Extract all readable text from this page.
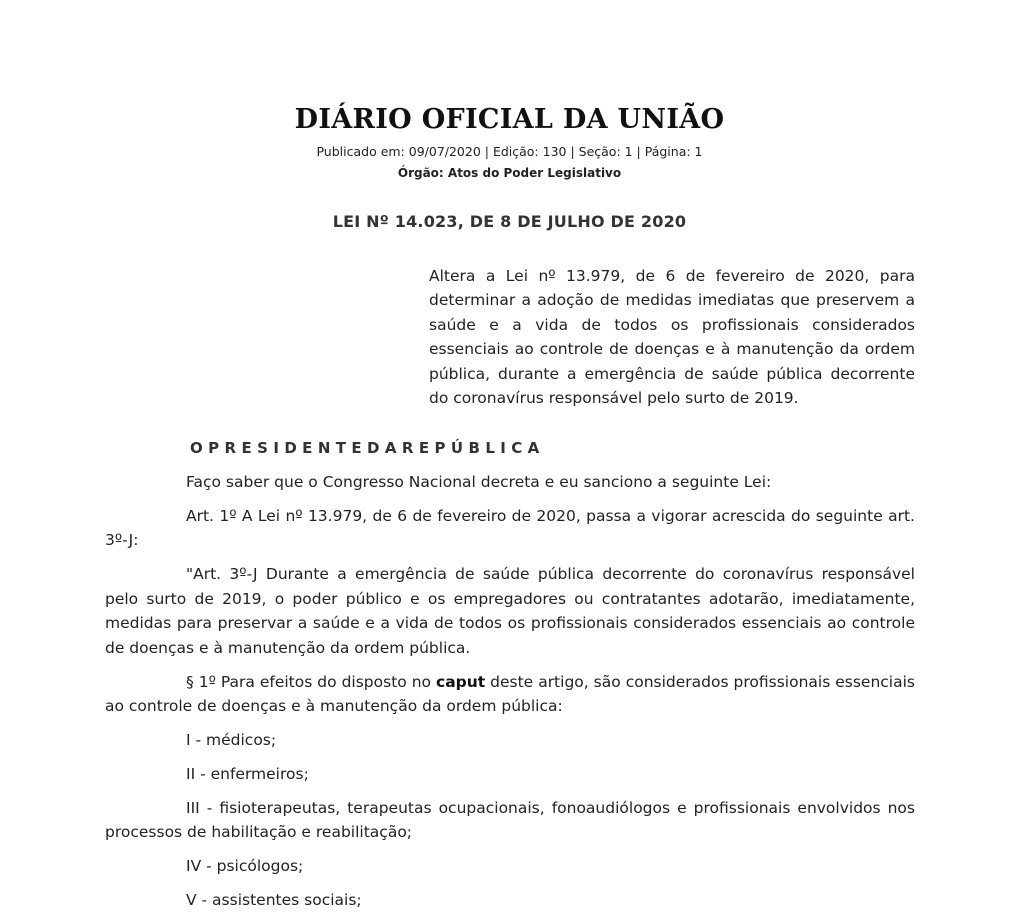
DIÁRIO OFICIAL DA UNIÃO
Publicado em: 09/07/2020 | Edição: 130 | Seção: 1 | Página: 1
Órgão: Atos do Poder Legislativo
LEI Nº 14.023, DE 8 DE JULHO DE 2020

Altera a Lei nº 13.979, de 6 de fevereiro de 2020, para determinar a adoção de medidas imediatas que preservem a saúde e a vida de todos os profissionais considerados essenciais ao controle de doenças e à manutenção da ordem pública, durante a emergência de saúde pública decorrente do coronavírus responsável pelo surto de 2019.

OPRESIDENTEDAREPÚBLICA

Faço saber que o Congresso Nacional decreta e eu sanciono a seguinte Lei:

Art. 1º A Lei nº 13.979, de 6 de fevereiro de 2020, passa a vigorar acrescida do seguinte art. 3º-J:

"Art. 3º-J Durante a emergência de saúde pública decorrente do coronavírus responsável pelo surto de 2019, o poder público e os empregadores ou contratantes adotarão, imediatamente, medidas para preservar a saúde e a vida de todos os profissionais considerados essenciais ao controle de doenças e à manutenção da ordem pública.

§ 1º Para efeitos do disposto no caput deste artigo, são considerados profissionais essenciais ao controle de doenças e à manutenção da ordem pública:

I - médicos;

II - enfermeiros;

III - fisioterapeutas, terapeutas ocupacionais, fonoaudiólogos e profissionais envolvidos nos processos de habilitação e reabilitação;

IV - psicólogos;

V - assistentes sociais;
